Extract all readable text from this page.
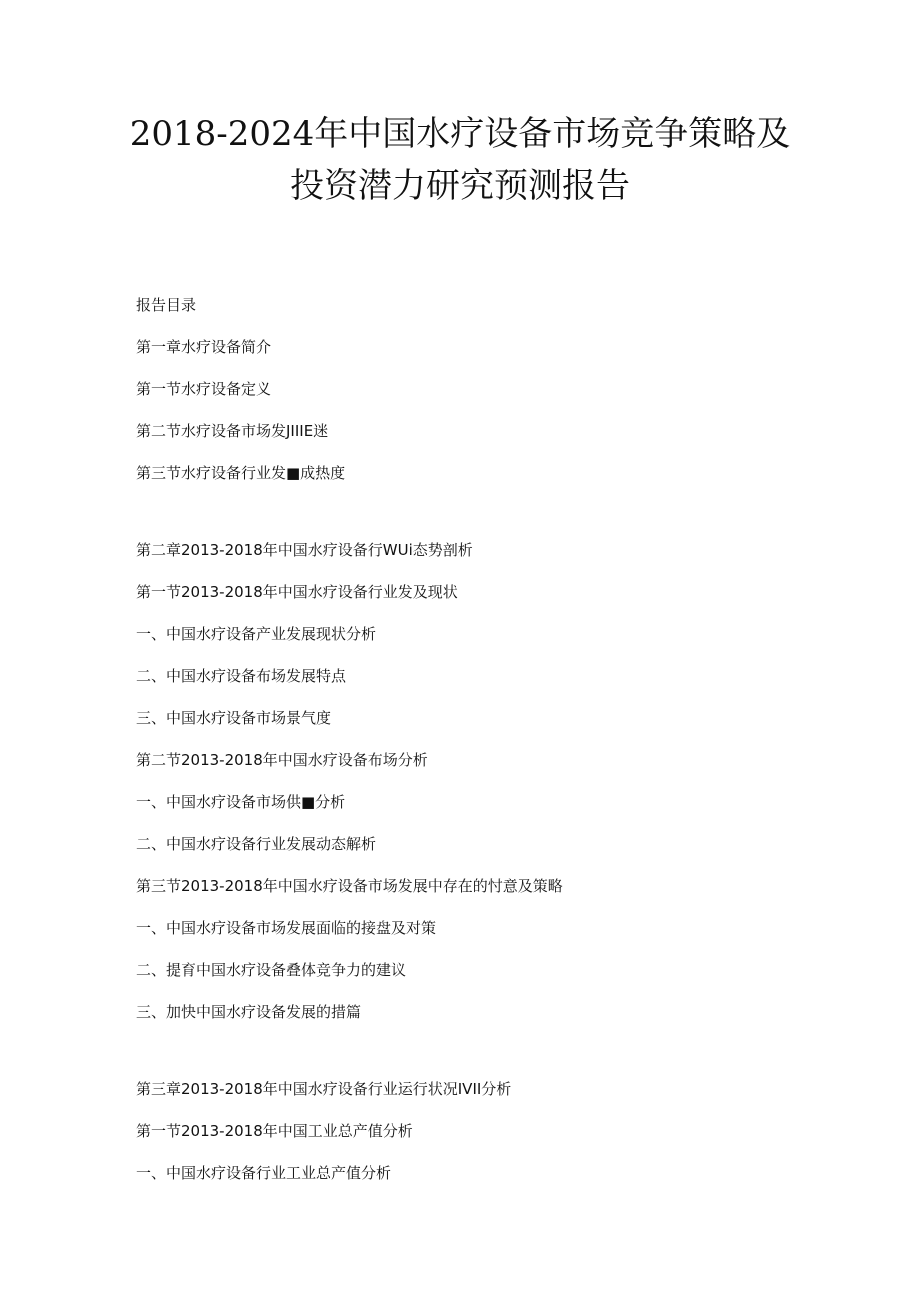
2018-2024年中国水疗设备市场竞争策略及
投资潜力研究预测报告
报告目录
第一章水疗设备简介
第一节水疗设备定义
第二节水疗设备市场发JIIIE迷
第三节水疗设备行业发■成热度
第二章2013-2018年中国水疗设备行WUi态势剖析
第一节2013-2018年中国水疗设备行业发及现状
一、中国水疗设备产业发展现状分析
二、中国水疗设备布场发展特点
三、中国水疗设备市场景气度
第二节2013-2018年中国水疗设备布场分析
一、中国水疗设备市场供■分析
二、中国水疗设备行业发展动态解析
第三节2013-2018年中国水疗设备市场发展中存在的忖意及策略
一、中国水疗设备市场发展面临的接盘及对策
二、提育中国水疗设备叠体竞争力的建议
三、加快中国水疗设备发展的措篇
第三章2013-2018年中国水疗设备行业运行状况IVII分析
第一节2013-2018年中国工业总产值分析
一、中国水疗设备行业工业总产值分析
